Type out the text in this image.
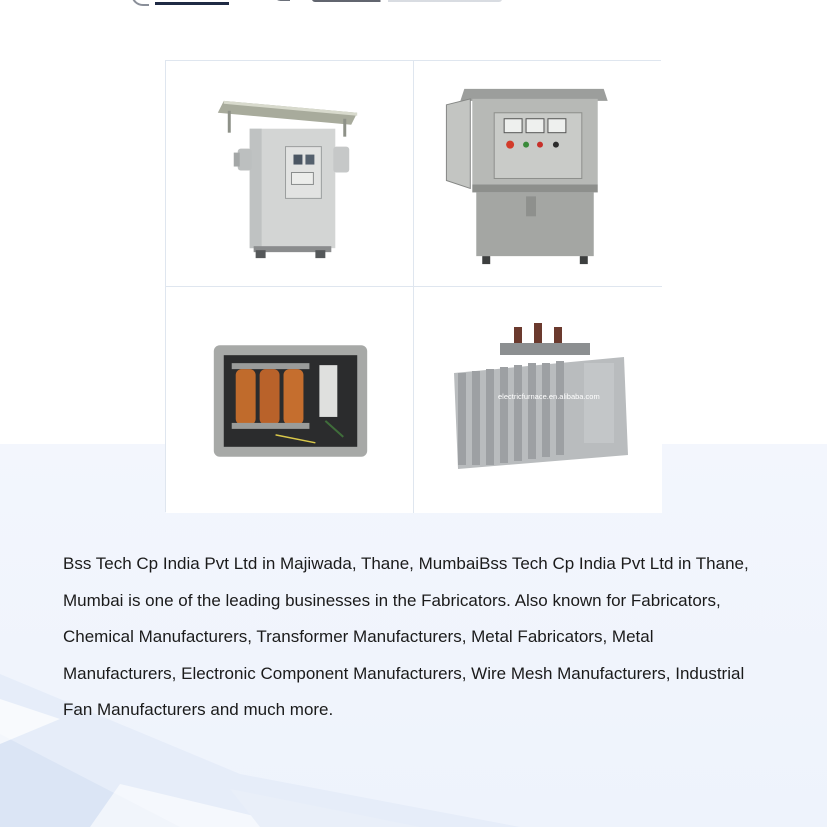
electricfurnace.en.alibaba.com
Bss Tech Cp India Pvt Ltd in Majiwada, Thane, MumbaiBss Tech Cp India Pvt Ltd in Thane, Mumbai is one of the leading businesses in the Fabricators. Also known for Fabricators, Chemical Manufacturers, Transformer Manufacturers, Metal Fabricators, Metal Manufacturers, Electronic Component Manufacturers, Wire Mesh Manufacturers, Industrial Fan Manufacturers and much more.
